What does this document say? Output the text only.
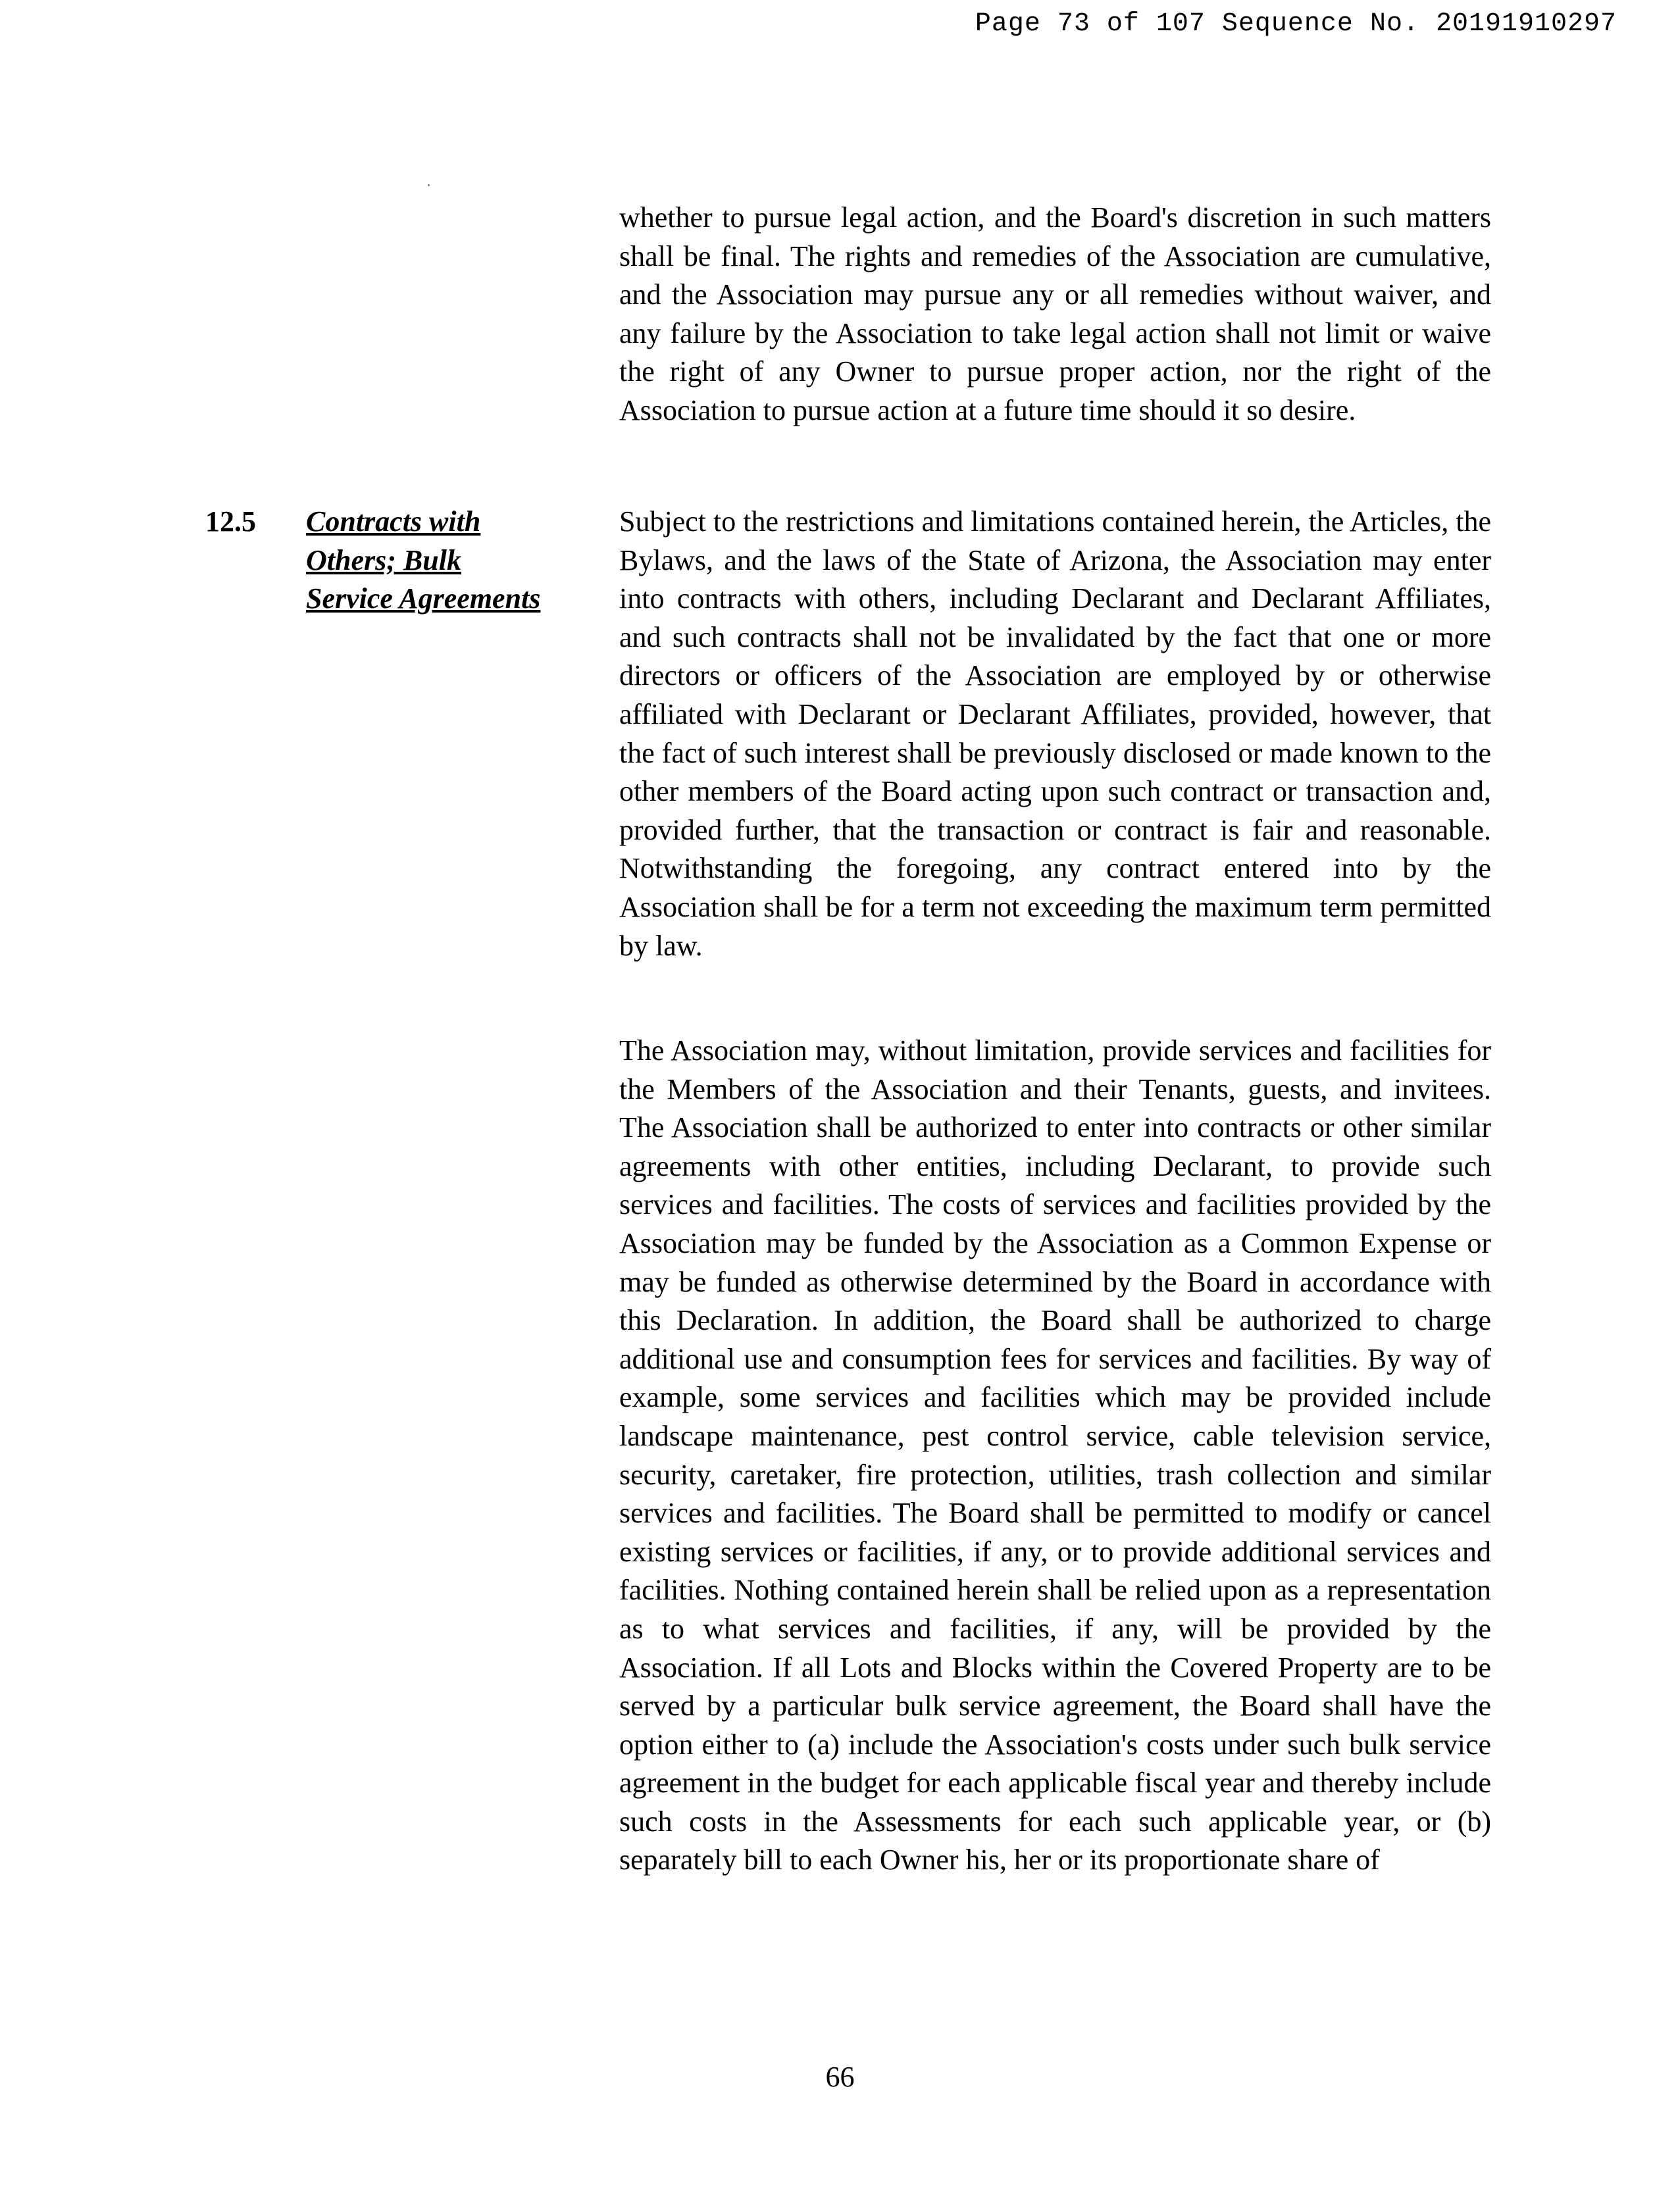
Page 73 of 107 Sequence No. 20191910297

whether to pursue legal action, and the Board's discretion in such matters shall be final. The rights and remedies of the Association are cumulative, and the Association may pursue any or all remedies without waiver, and any failure by the Association to take legal action shall not limit or waive the right of any Owner to pursue proper action, nor the right of the Association to pursue action at a future time should it so desire.

12.5 Contracts with
Others; Bulk
Service Agreements

Subject to the restrictions and limitations contained herein, the Articles, the Bylaws, and the laws of the State of Arizona, the Association may enter into contracts with others, including Declarant and Declarant Affiliates, and such contracts shall not be invalidated by the fact that one or more directors or officers of the Association are employed by or otherwise affiliated with Declarant or Declarant Affiliates, provided, however, that the fact of such interest shall be previously disclosed or made known to the other members of the Board acting upon such contract or transaction and, provided further, that the transaction or contract is fair and reasonable. Notwithstanding the foregoing, any contract entered into by the Association shall be for a term not exceeding the maximum term permitted by law.

The Association may, without limitation, provide services and facilities for the Members of the Association and their Tenants, guests, and invitees. The Association shall be authorized to enter into contracts or other similar agreements with other entities, including Declarant, to provide such services and facilities. The costs of services and facilities provided by the Association may be funded by the Association as a Common Expense or may be funded as otherwise determined by the Board in accordance with this Declaration. In addition, the Board shall be authorized to charge additional use and consumption fees for services and facilities. By way of example, some services and facilities which may be provided include landscape maintenance, pest control service, cable television service, security, caretaker, fire protection, utilities, trash collection and similar services and facilities. The Board shall be permitted to modify or cancel existing services or facilities, if any, or to provide additional services and facilities. Nothing contained herein shall be relied upon as a representation as to what services and facilities, if any, will be provided by the Association. If all Lots and Blocks within the Covered Property are to be served by a particular bulk service agreement, the Board shall have the option either to (a) include the Association's costs under such bulk service agreement in the budget for each applicable fiscal year and thereby include such costs in the Assessments for each such applicable year, or (b) separately bill to each Owner his, her or its proportionate share of

66
